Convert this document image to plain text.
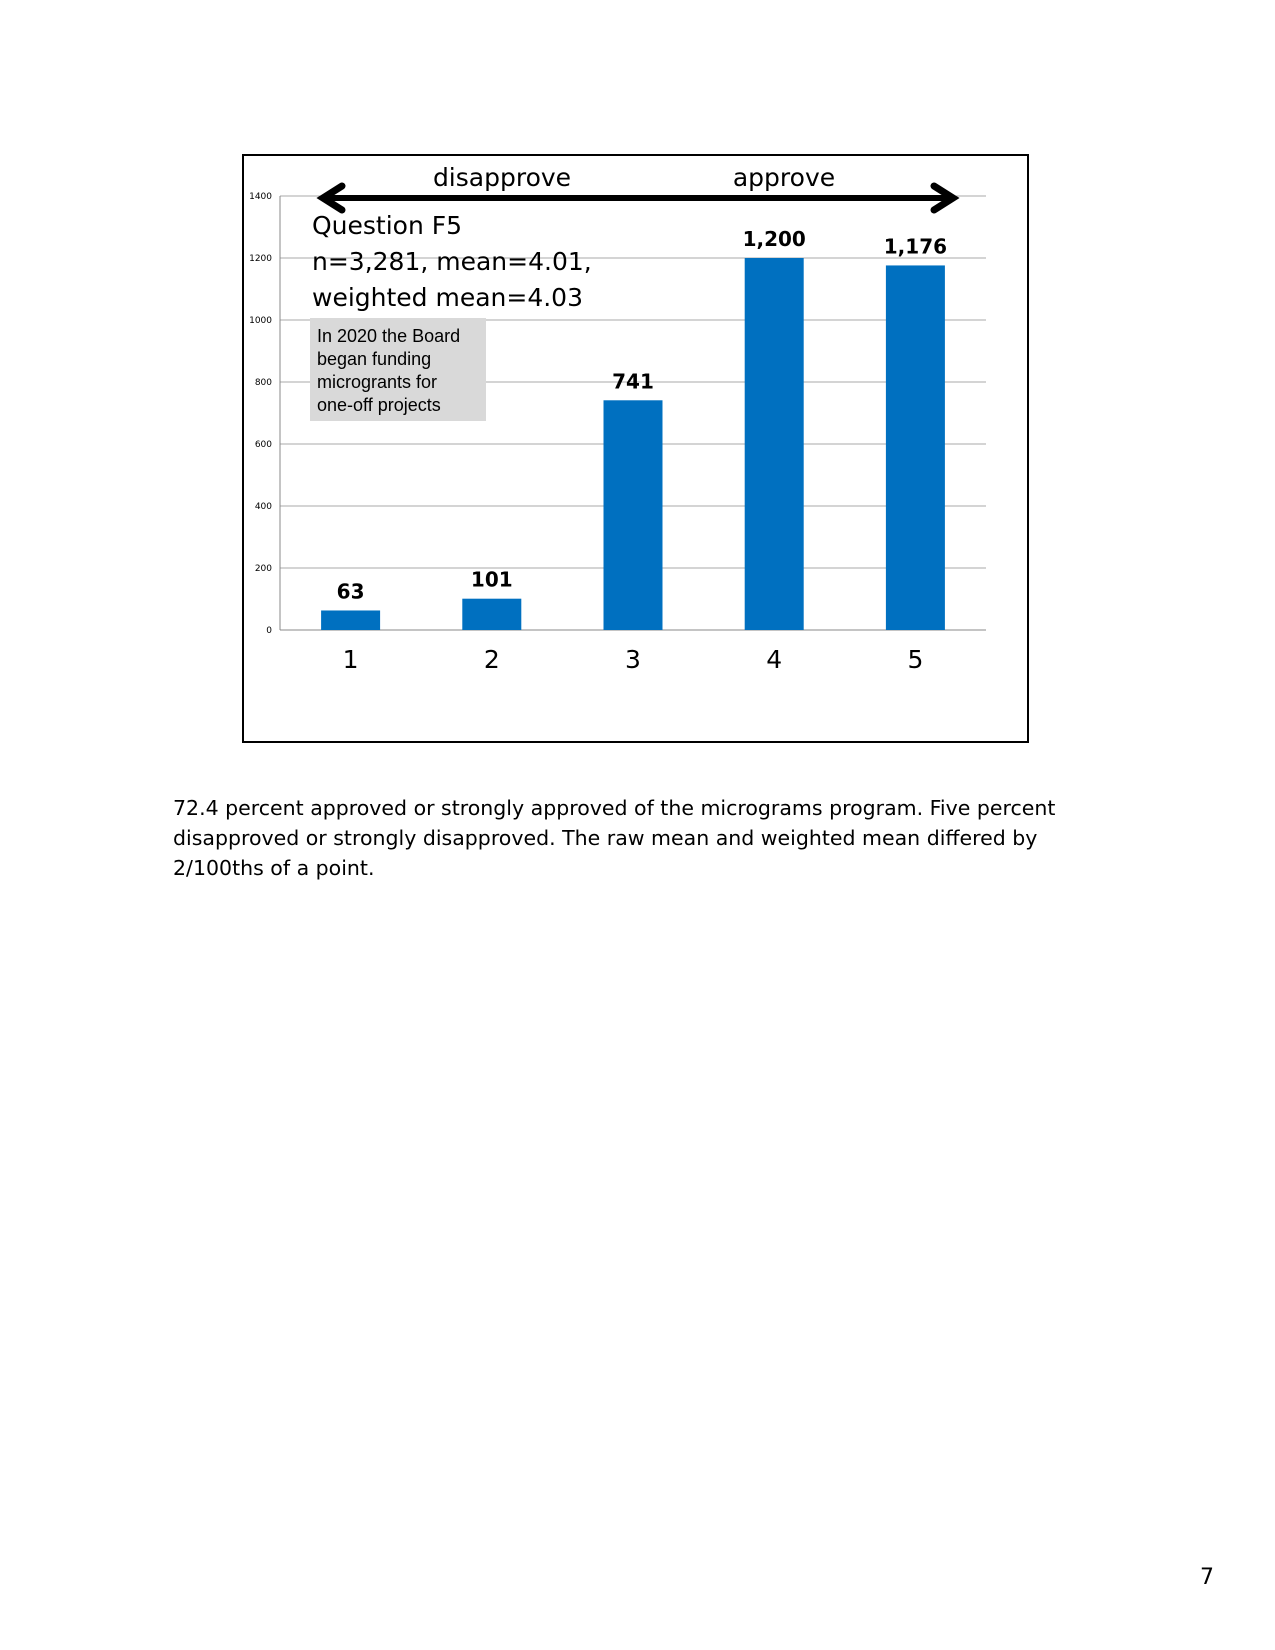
0
200
400
600
800
1000
1200
1400
63	101
741
1,200	1,176
1	2	3	4	5
disapprove	approve
Question F5
n=3,281, mean=4.01,
weighted mean=4.03
In 2020 the Board
began funding
microgrants for
one-off projects

72.4 percent approved or strongly approved of the micrograms program. Five percent disapproved or strongly disapproved. The raw mean and weighted mean differed by 2/100ths of a point.

7
